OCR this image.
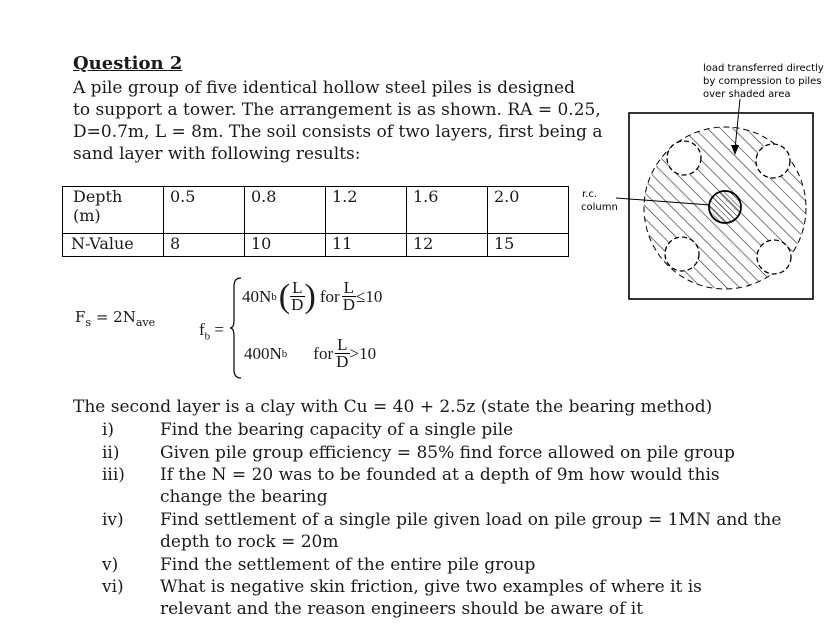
Question 2
A pile group of five identical hollow steel piles is designed
to support a tower. The arrangement is as shown. RA = 0.25,
D=0.7m, L = 8m. The soil consists of two layers, first being a
sand layer with following results:
Depth
(m)	0.5	0.8	1.2	1.6	2.0
N-Value	8	10	11	12	15
$F_s = 2N_{ave}$	$f_b$ =
40N b ( $\frac{L}{D}$ ) for $\frac{L}{D} \le 10$
400N b for $\frac{L}{D} >10$
The second layer is a clay with Cu = 40 + 2.5z (state the bearing method)
i)	Find the bearing capacity of a single pile
ii) Given pile group efficiency = 85% find force allowed on pile group
iii) If the N = 20 was to be founded at a depth of 9m how would this
change the bearing
iv) Find settlement of a single pile given load on pile group = 1MN and the
depth to rock = 20m
v) Find the settlement of the entire pile group
vi) What is negative skin friction, give two examples of where it is
relevant and the reason engineers should be aware of it
load transferred directly
by compression to piles
over shaded area
r.c.
column
